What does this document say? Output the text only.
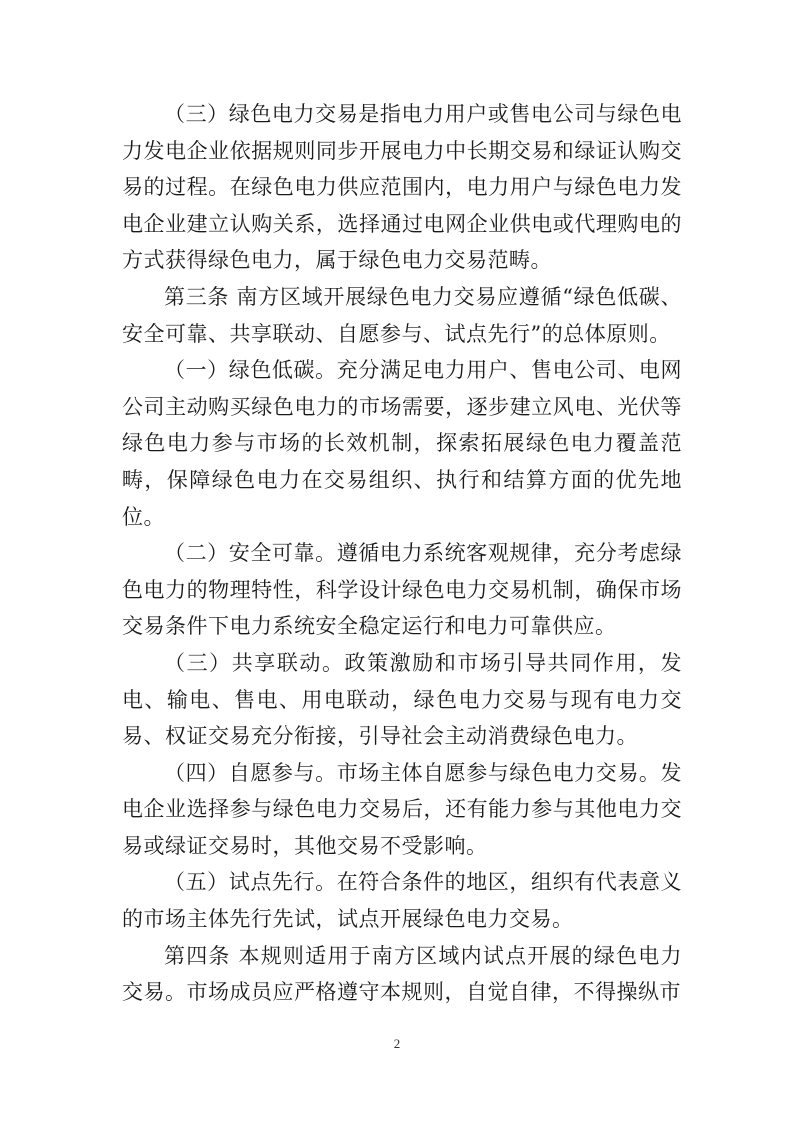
（三）绿色电力交易是指电力用户或售电公司与绿色电力发电企业依据规则同步开展电力中长期交易和绿证认购交易的过程。在绿色电力供应范围内，电力用户与绿色电力发电企业建立认购关系，选择通过电网企业供电或代理购电的方式获得绿色电力，属于绿色电力交易范畴。

第三条 南方区域开展绿色电力交易应遵循“绿色低碳、安全可靠、共享联动、自愿参与、试点先行”的总体原则。

（一）绿色低碳。充分满足电力用户、售电公司、电网公司主动购买绿色电力的市场需要，逐步建立风电、光伏等绿色电力参与市场的长效机制，探索拓展绿色电力覆盖范畴，保障绿色电力在交易组织、执行和结算方面的优先地位。

（二）安全可靠。遵循电力系统客观规律，充分考虑绿色电力的物理特性，科学设计绿色电力交易机制，确保市场交易条件下电力系统安全稳定运行和电力可靠供应。

（三）共享联动。政策激励和市场引导共同作用，发电、输电、售电、用电联动，绿色电力交易与现有电力交易、权证交易充分衔接，引导社会主动消费绿色电力。

（四）自愿参与。市场主体自愿参与绿色电力交易。发电企业选择参与绿色电力交易后，还有能力参与其他电力交易或绿证交易时，其他交易不受影响。

（五）试点先行。在符合条件的地区，组织有代表意义的市场主体先行先试，试点开展绿色电力交易。

第四条 本规则适用于南方区域内试点开展的绿色电力交易。市场成员应严格遵守本规则，自觉自律，不得操纵市

2
